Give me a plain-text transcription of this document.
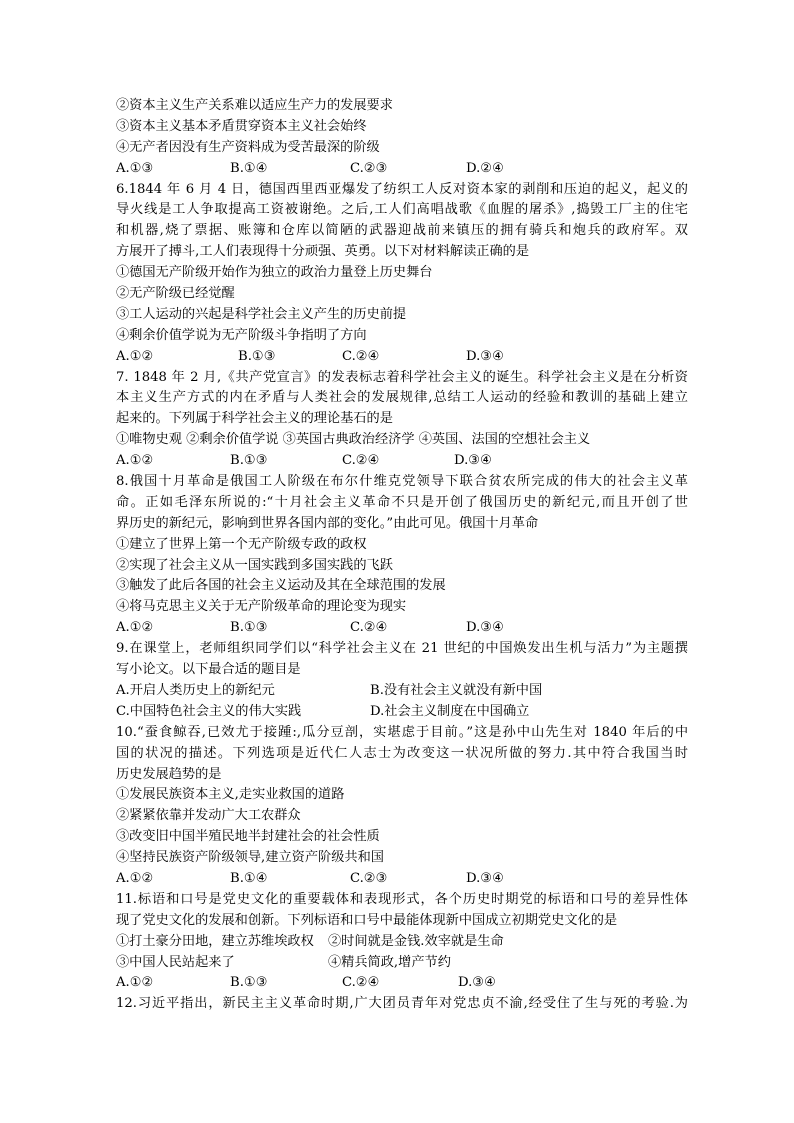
②资本主义生产关系难以适应生产力的发展要求
③资本主义基本矛盾贯穿资本主义社会始终
④无产者因没有生产资料成为受苦最深的阶级
A.①③	B.①④	C.②③	D.②④
6.1844 年 6 月 4 日，德国西里西亚爆发了纺织工人反对资本家的剥削和压迫的起义，起义的
导火线是工人争取提高工资被谢绝。之后,工人们高唱战歌《血腥的屠杀》,捣毁工厂主的住宅
和机器,烧了票据、账簿和仓库以简陋的武器迎战前来镇压的拥有骑兵和炮兵的政府军。双
方展开了搏斗,工人们表现得十分顽强、英勇。以下对材料解读正确的是
①德国无产阶级开始作为独立的政治力量登上历史舞台
②无产阶级已经觉醒
③工人运动的兴起是科学社会主义产生的历史前提
④剩余价值学说为无产阶级斗争指明了方向
A.①②	B.①③	C.②④	D.③④
7. 1848 年 2 月,《共产党宣言》的发表标志着科学社会主义的诞生。科学社会主义是在分析资
本主义生产方式的内在矛盾与人类社会的发展规律,总结工人运动的经验和教训的基础上建立
起来的。下列属于科学社会主义的理论基石的是
①唯物史观 ②剩余价值学说 ③英国古典政治经济学 ④英国、法国的空想社会主义
A.①②	B.①③	C.②④	D.③④
8.俄国十月革命是俄国工人阶级在布尔什维克党领导下联合贫农所完成的伟大的社会主义革
命。正如毛泽东所说的:“十月社会主义革命不只是开创了俄国历史的新纪元,而且开创了世
界历史的新纪元，影响到世界各国内部的变化。”由此可见。俄国十月革命
①建立了世界上第一个无产阶级专政的政权
②实现了社会主义从一国实践到多国实践的飞跃
③触发了此后各国的社会主义运动及其在全球范围的发展
④将马克思主义关于无产阶级革命的理论变为现实
A.①②	B.①③	C.②④	D.③④
9.在课堂上，老师组织同学们以“科学社会主义在 21 世纪的中国焕发出生机与活力”为主题撰
写小论文。以下最合适的题目是
A.开启人类历史上的新纪元	B.没有社会主义就没有新中国
C.中国特色社会主义的伟大实践	D.社会主义制度在中国确立
10.“蚕食鲸吞,已效尤于接踵:,瓜分豆剖，实堪虑于目前。”这是孙中山先生对 1840 年后的中
国的状况的描述。下列选项是近代仁人志士为改变这一状况所做的努力.其中符合我国当时
历史发展趋势的是
①发展民族资本主义,走实业救国的道路
②紧紧依靠并发动广大工农群众
③改变旧中国半殖民地半封建社会的社会性质
④坚持民族资产阶级领导,建立资产阶级共和国
A.①②	B.①④	C.②③	D.③④
11.标语和口号是党史文化的重要载体和表现形式，各个历史时期党的标语和口号的差异性体
现了党史文化的发展和创新。下列标语和口号中最能体现新中国成立初期党史文化的是
①打土豪分田地，建立苏维埃政权 ②时间就是金钱.效宰就是生命
③中国人民站起来了	④精兵简政,增产节约
A.①②	B.①③	C.②④	D.③④
12.习近平指出，新民主主义革命时期,广大团员青年对党忠贞不渝,经受住了生与死的考验.为
